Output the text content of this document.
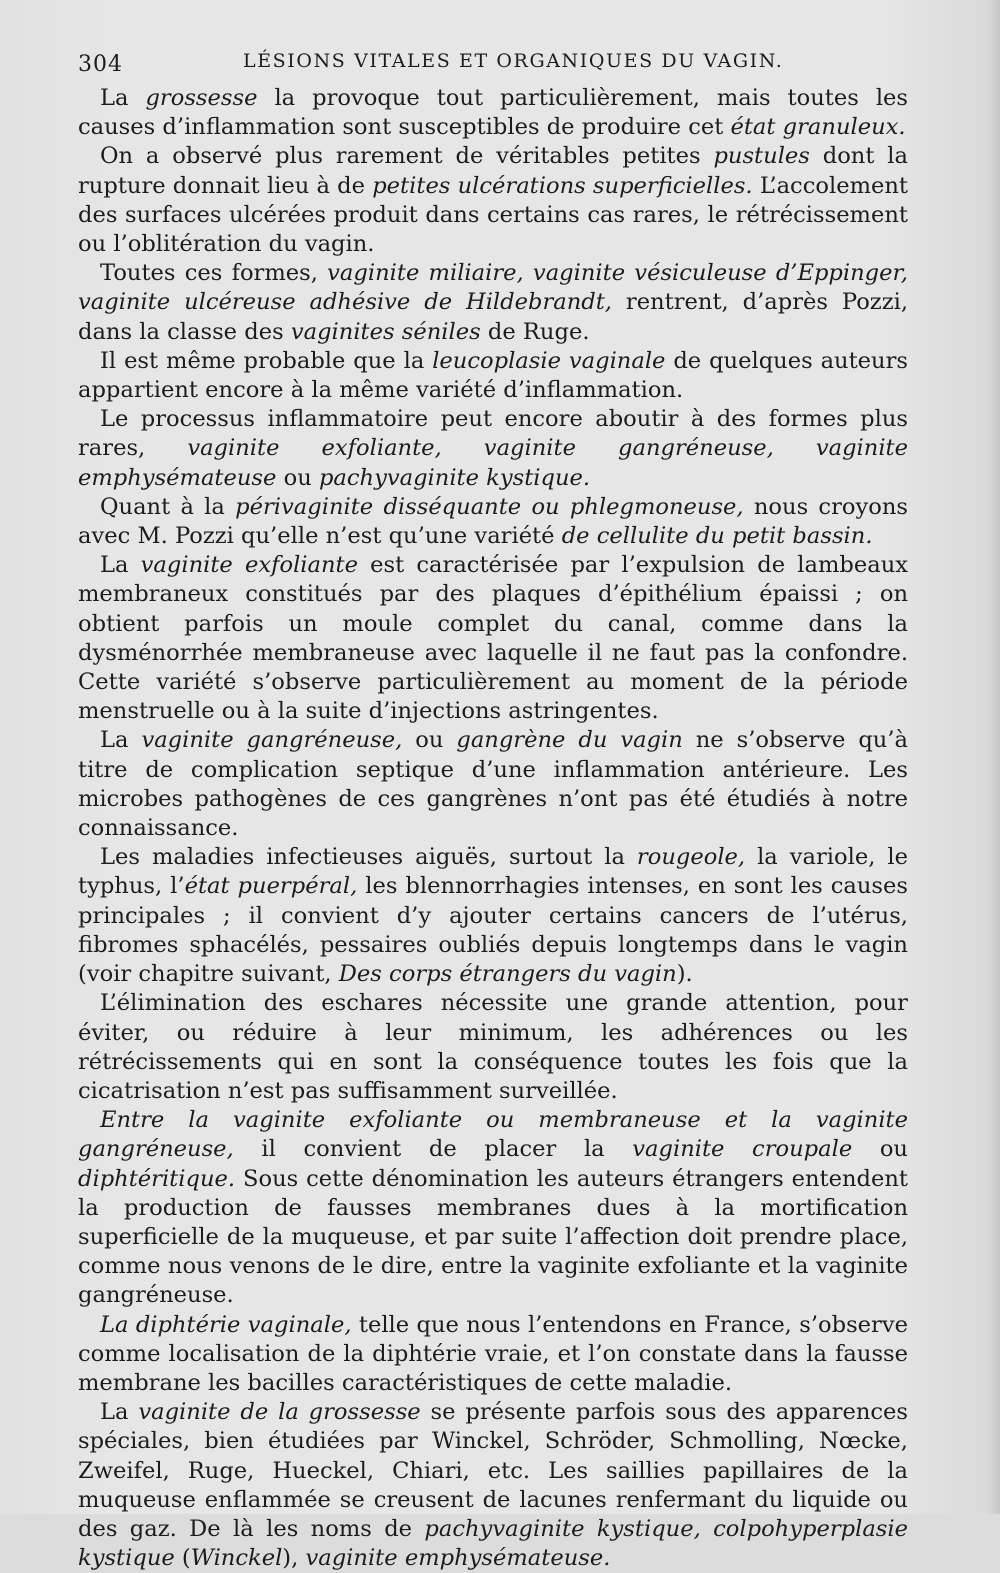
304	LÉSIONS VITALES ET ORGANIQUES DU VAGIN.

La grossesse la provoque tout particulièrement, mais toutes les causes d’inflammation sont susceptibles de produire cet état granuleux.

On a observé plus rarement de véritables petites pustules dont la rupture donnait lieu à de petites ulcérations superficielles. L’accolement des surfaces ulcérées produit dans certains cas rares, le rétrécissement ou l’oblitération du vagin.

Toutes ces formes, vaginite miliaire, vaginite vésiculeuse d’Eppinger, vaginite ulcéreuse adhésive de Hildebrandt, rentrent, d’après Pozzi, dans la classe des vaginites séniles de Ruge.

Il est même probable que la leucoplasie vaginale de quelques auteurs appartient encore à la même variété d’inflammation.

Le processus inflammatoire peut encore aboutir à des formes plus rares, vaginite exfoliante, vaginite gangréneuse, vaginite emphysémateuse ou pachyvaginite kystique.

Quant à la périvaginite disséquante ou phlegmoneuse, nous croyons avec M. Pozzi qu’elle n’est qu’une variété de cellulite du petit bassin.

La vaginite exfoliante est caractérisée par l’expulsion de lambeaux membraneux constitués par des plaques d’épithélium épaissi ; on obtient parfois un moule complet du canal, comme dans la dysménorrhée membraneuse avec laquelle il ne faut pas la confondre. Cette variété s’observe particulièrement au moment de la période menstruelle ou à la suite d’injections astringentes.

La vaginite gangréneuse, ou gangrène du vagin ne s’observe qu’à titre de complication septique d’une inflammation antérieure. Les microbes pathogènes de ces gangrènes n’ont pas été étudiés à notre connaissance.

Les maladies infectieuses aiguës, surtout la rougeole, la variole, le typhus, l’état puerpéral, les blennorrhagies intenses, en sont les causes principales ; il convient d’y ajouter certains cancers de l’utérus, fibromes sphacélés, pessaires oubliés depuis longtemps dans le vagin (voir chapitre suivant, Des corps étrangers du vagin).

L’élimination des eschares nécessite une grande attention, pour éviter, ou réduire à leur minimum, les adhérences ou les rétrécissements qui en sont la conséquence toutes les fois que la cicatrisation n’est pas suffisamment surveillée.

Entre la vaginite exfoliante ou membraneuse et la vaginite gangréneuse, il convient de placer la vaginite croupale ou diphtéritique. Sous cette dénomination les auteurs étrangers entendent la production de fausses membranes dues à la mortification superficielle de la muqueuse, et par suite l’affection doit prendre place, comme nous venons de le dire, entre la vaginite exfoliante et la vaginite gangréneuse.

La diphtérie vaginale, telle que nous l’entendons en France, s’observe comme localisation de la diphtérie vraie, et l’on constate dans la fausse membrane les bacilles caractéristiques de cette maladie.

La vaginite de la grossesse se présente parfois sous des apparences spéciales, bien étudiées par Winckel, Schröder, Schmolling, Nœcke, Zweifel, Ruge, Hueckel, Chiari, etc. Les saillies papillaires de la muqueuse enflammée se creusent de lacunes renfermant du liquide ou des gaz. De là les noms de pachyvaginite kystique, colpohyperplasie kystique (Winckel), vaginite emphysémateuse.
